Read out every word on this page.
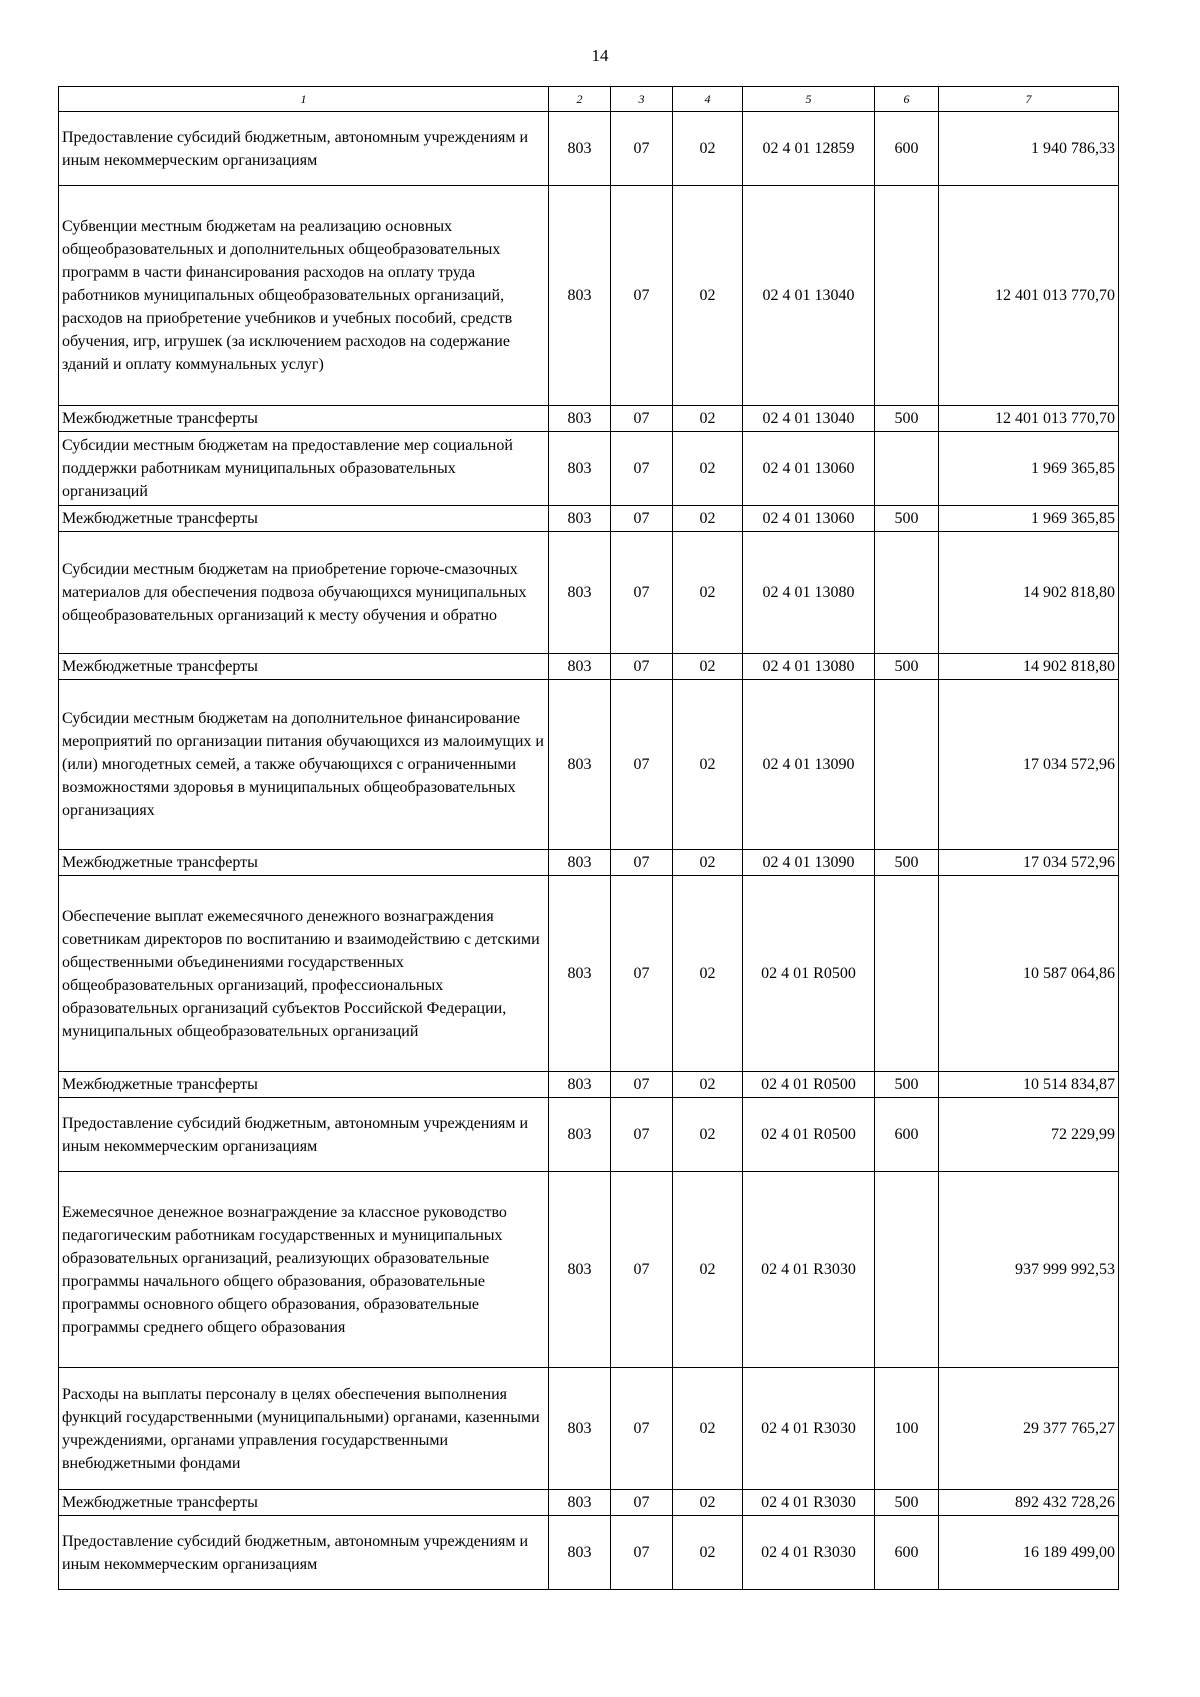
14
1	2	3	4	5	6	7
Предоставление субсидий бюджетным, автономным учреждениям и иным некоммерческим организациям	803	07	02	02 4 01 12859	600	1 940 786,33
Субвенции местным бюджетам на реализацию основных общеобразовательных и дополнительных общеобразовательных программ в части финансирования расходов на оплату труда работников муниципальных общеобразовательных организаций, расходов на приобретение учебников и учебных пособий, средств обучения, игр, игрушек (за исключением расходов на содержание зданий и оплату коммунальных услуг)	803	07	02	02 4 01 13040		12 401 013 770,70
Межбюджетные трансферты	803	07	02	02 4 01 13040	500	12 401 013 770,70
Субсидии местным бюджетам на предоставление мер социальной поддержки работникам муниципальных образовательных организаций	803	07	02	02 4 01 13060		1 969 365,85
Межбюджетные трансферты	803	07	02	02 4 01 13060	500	1 969 365,85
Субсидии местным бюджетам на приобретение горюче-смазочных материалов для обеспечения подвоза обучающихся муниципальных общеобразовательных организаций к месту обучения и обратно	803	07	02	02 4 01 13080		14 902 818,80
Межбюджетные трансферты	803	07	02	02 4 01 13080	500	14 902 818,80
Субсидии местным бюджетам на дополнительное финансирование мероприятий по организации питания обучающихся из малоимущих и (или) многодетных семей, а также обучающихся с ограниченными возможностями здоровья в муниципальных общеобразовательных организациях	803	07	02	02 4 01 13090		17 034 572,96
Межбюджетные трансферты	803	07	02	02 4 01 13090	500	17 034 572,96
Обеспечение выплат ежемесячного денежного вознаграждения советникам директоров по воспитанию и взаимодействию с детскими общественными объединениями государственных общеобразовательных организаций, профессиональных образовательных организаций субъектов Российской Федерации, муниципальных общеобразовательных организаций	803	07	02	02 4 01 R0500		10 587 064,86
Межбюджетные трансферты	803	07	02	02 4 01 R0500	500	10 514 834,87
Предоставление субсидий бюджетным, автономным учреждениям и иным некоммерческим организациям	803	07	02	02 4 01 R0500	600	72 229,99
Ежемесячное денежное вознаграждение за классное руководство педагогическим работникам государственных и муниципальных образовательных организаций, реализующих образовательные программы начального общего образования, образовательные программы основного общего образования, образовательные программы среднего общего образования	803	07	02	02 4 01 R3030		937 999 992,53
Расходы на выплаты персоналу в целях обеспечения выполнения функций государственными (муниципальными) органами, казенными учреждениями, органами управления государственными внебюджетными фондами	803	07	02	02 4 01 R3030	100	29 377 765,27
Межбюджетные трансферты	803	07	02	02 4 01 R3030	500	892 432 728,26
Предоставление субсидий бюджетным, автономным учреждениям и иным некоммерческим организациям	803	07	02	02 4 01 R3030	600	16 189 499,00
